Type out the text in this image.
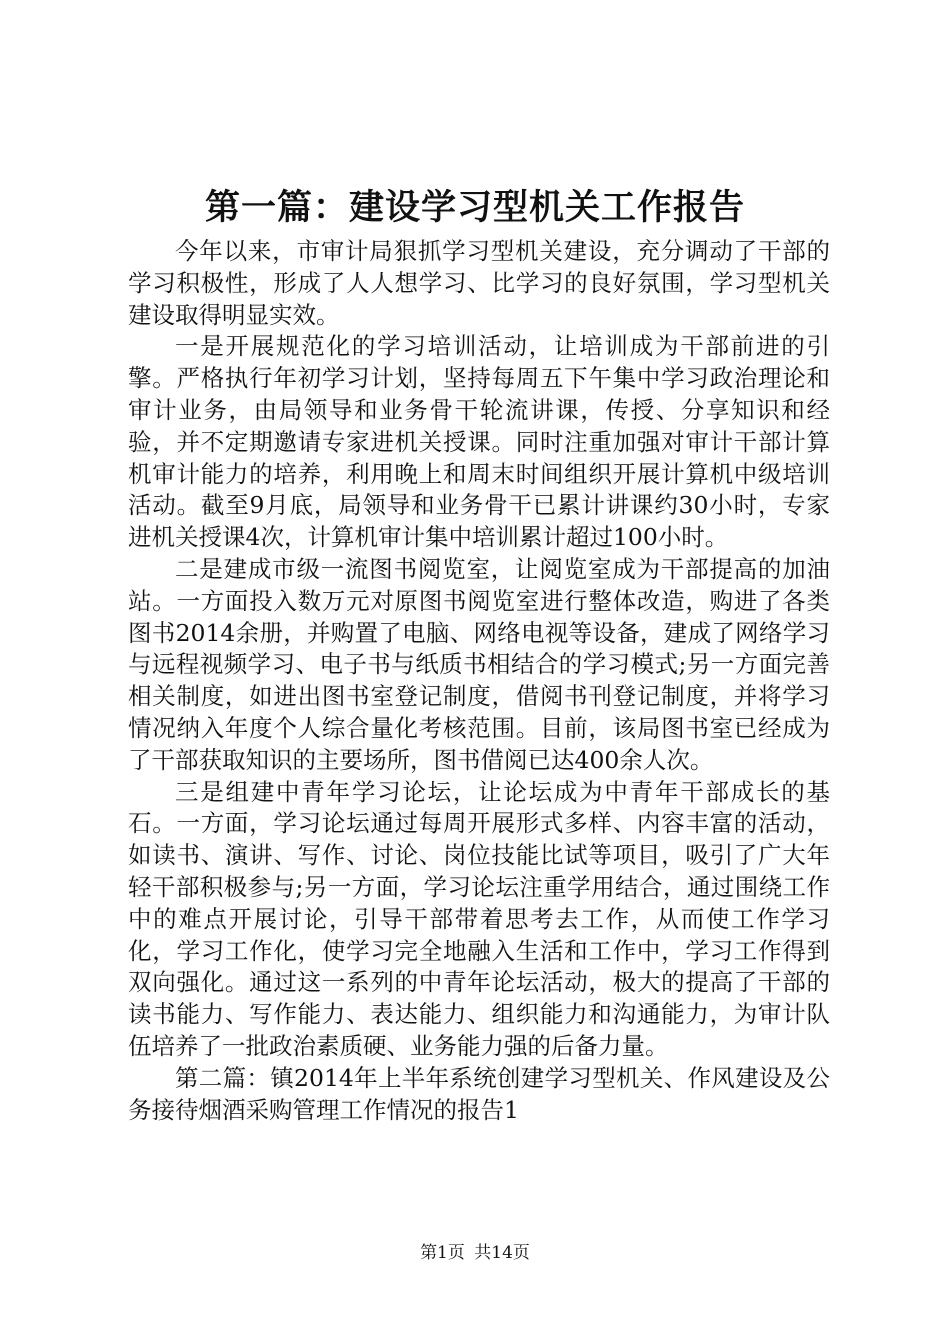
第一篇：建设学习型机关工作报告

今年以来，市审计局狠抓学习型机关建设，充分调动了干部的学习积极性，形成了人人想学习、比学习的良好氛围，学习型机关建设取得明显实效。

一是开展规范化的学习培训活动，让培训成为干部前进的引擎。严格执行年初学习计划，坚持每周五下午集中学习政治理论和审计业务，由局领导和业务骨干轮流讲课，传授、分享知识和经验，并不定期邀请专家进机关授课。同时注重加强对审计干部计算机审计能力的培养，利用晚上和周末时间组织开展计算机中级培训活动。截至9月底，局领导和业务骨干已累计讲课约30小时，专家进机关授课4次，计算机审计集中培训累计超过100小时。

二是建成市级一流图书阅览室，让阅览室成为干部提高的加油站。一方面投入数万元对原图书阅览室进行整体改造，购进了各类图书2014余册，并购置了电脑、网络电视等设备，建成了网络学习与远程视频学习、电子书与纸质书相结合的学习模式;另一方面完善相关制度，如进出图书室登记制度，借阅书刊登记制度，并将学习情况纳入年度个人综合量化考核范围。目前，该局图书室已经成为了干部获取知识的主要场所，图书借阅已达400余人次。

三是组建中青年学习论坛，让论坛成为中青年干部成长的基石。一方面，学习论坛通过每周开展形式多样、内容丰富的活动，如读书、演讲、写作、讨论、岗位技能比试等项目，吸引了广大年轻干部积极参与;另一方面，学习论坛注重学用结合，通过围绕工作中的难点开展讨论，引导干部带着思考去工作，从而使工作学习化，学习工作化，使学习完全地融入生活和工作中，学习工作得到双向强化。通过这一系列的中青年论坛活动，极大的提高了干部的读书能力、写作能力、表达能力、组织能力和沟通能力，为审计队伍培养了一批政治素质硬、业务能力强的后备力量。

第二篇：镇2014年上半年系统创建学习型机关、作风建设及公务接待烟酒采购管理工作情况的报告1

第1页 共14页
